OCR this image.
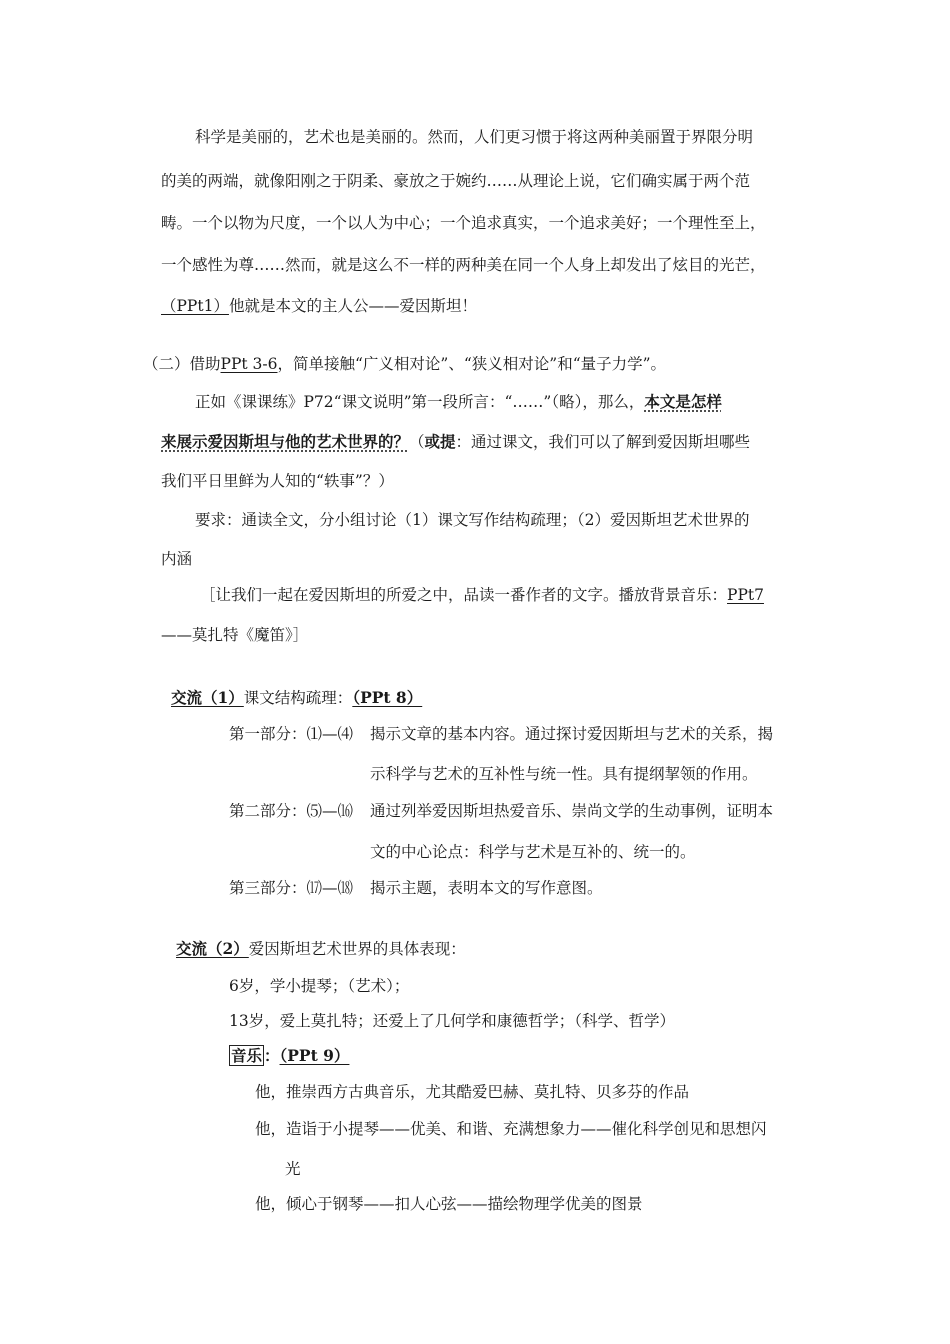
科学是美丽的，艺术也是美丽的。然而，人们更习惯于将这两种美丽置于界限分明
的美的两端，就像阳刚之于阴柔、豪放之于婉约……从理论上说，它们确实属于两个范
畴。一个以物为尺度，一个以人为中心；一个追求真实，一个追求美好；一个理性至上，
一个感性为尊……然而，就是这么不一样的两种美在同一个人身上却发出了炫目的光芒，
（PPt1）他就是本文的主人公——爱因斯坦！
（二）借助PPt 3-6，简单接触“广义相对论”、“狭义相对论”和“量子力学”。
正如《课课练》P72“课文说明”第一段所言：“……”（略），那么，本文是怎样
来展示爱因斯坦与他的艺术世界的？（或提：通过课文，我们可以了解到爱因斯坦哪些
我们平日里鲜为人知的“轶事”？）
要求：通读全文，分小组讨论（1）课文写作结构疏理；（2）爱因斯坦艺术世界的
内涵
［让我们一起在爱因斯坦的所爱之中，品读一番作者的文字。播放背景音乐：PPt7
——莫扎特《魔笛》］
交流（1）课文结构疏理：（PPt 8）
第一部分：⑴—⑷ 揭示文章的基本内容。通过探讨爱因斯坦与艺术的关系，揭
示科学与艺术的互补性与统一性。具有提纲挈领的作用。
第二部分：⑸—⒃ 通过列举爱因斯坦热爱音乐、崇尚文学的生动事例，证明本
文的中心论点：科学与艺术是互补的、统一的。
第三部分：⒄—⒅ 揭示主题，表明本文的写作意图。
交流（2）爱因斯坦艺术世界的具体表现：
6岁，学小提琴；（艺术）；
13岁，爱上莫扎特；还爱上了几何学和康德哲学；（科学、哲学）
音乐 ：（PPt 9）
他，推崇西方古典音乐，尤其酷爱巴赫、莫扎特、贝多芬的作品
他，造诣于小提琴——优美、和谐、充满想象力——催化科学创见和思想闪
光
他，倾心于钢琴——扣人心弦——描绘物理学优美的图景
